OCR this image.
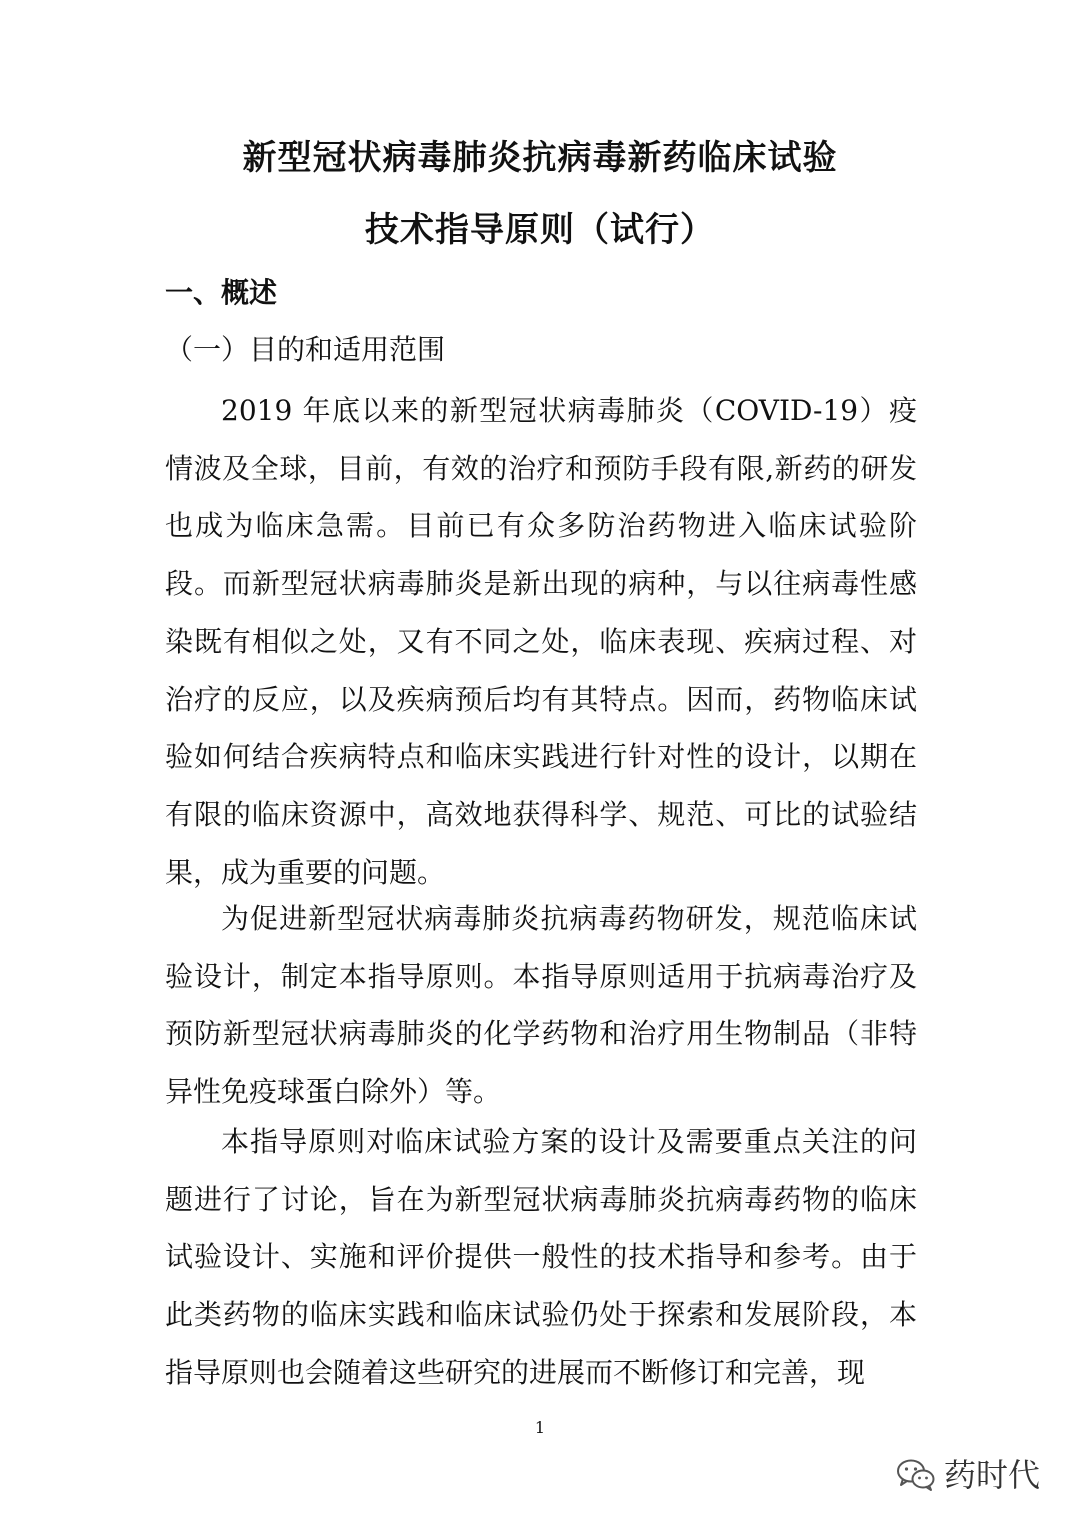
新型冠状病毒肺炎抗病毒新药临床试验
技术指导原则（试行）
一、概述
（一）目的和适用范围

2019 年底以来的新型冠状病毒肺炎（COVID-19）疫情波及全球，目前，有效的治疗和预防手段有限,新药的研发也成为临床急需。目前已有众多防治药物进入临床试验阶段。而新型冠状病毒肺炎是新出现的病种，与以往病毒性感染既有相似之处，又有不同之处，临床表现、疾病过程、对治疗的反应，以及疾病预后均有其特点。因而，药物临床试验如何结合疾病特点和临床实践进行针对性的设计，以期在有限的临床资源中，高效地获得科学、规范、可比的试验结果，成为重要的问题。

为促进新型冠状病毒肺炎抗病毒药物研发，规范临床试验设计，制定本指导原则。本指导原则适用于抗病毒治疗及预防新型冠状病毒肺炎的化学药物和治疗用生物制品（非特异性免疫球蛋白除外）等。

本指导原则对临床试验方案的设计及需要重点关注的问题进行了讨论，旨在为新型冠状病毒肺炎抗病毒药物的临床试验设计、实施和评价提供一般性的技术指导和参考。由于此类药物的临床实践和临床试验仍处于探索和发展阶段，本指导原则也会随着这些研究的进展而不断修订和完善，现

1
药时代
